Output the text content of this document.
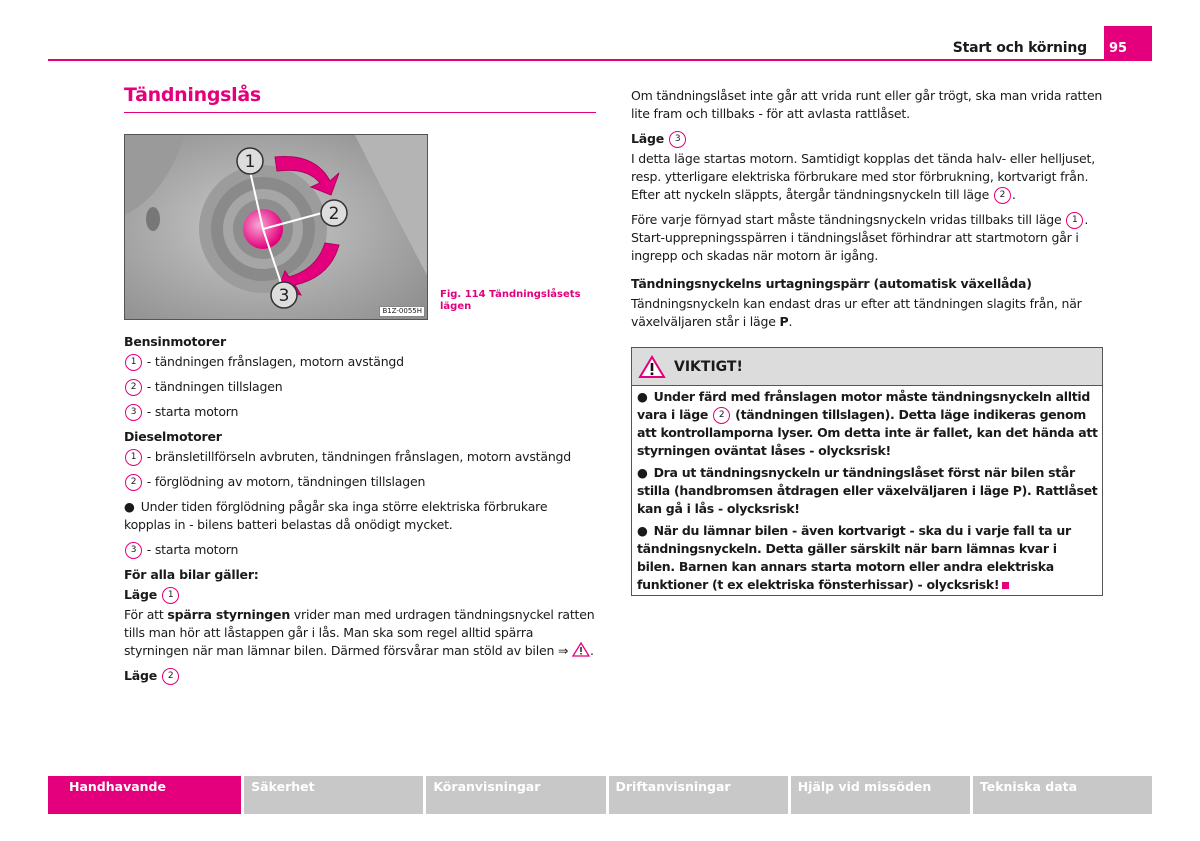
Start och körning	95
Tändningslås
1
2
3
B1Z-0055H
Fig. 114 Tändningslåsets lägen
Bensinmotorer
1
- tändningen frånslagen, motorn avstängd
2
- tändningen tillslagen
3
- starta motorn
Dieselmotorer
1
- bränsletillförseln avbruten, tändningen frånslagen, motorn avstängd
2
- förglödning av motorn, tändningen tillslagen
● Under tiden förglödning pågår ska inga större elektriska förbrukare kopplas in - bilens batteri belastas då onödigt mycket.
3
- starta motorn
För alla bilar gäller:
Läge 1
För att spärra styrningen vrider man med urdragen tändningsnyckel ratten tills man hör att låstappen går i lås. Man ska som regel alltid spärra styrningen när man lämnar bilen. Därmed försvårar man stöld av bilen ⇒ .
Läge 2
Om tändningslåset inte går att vrida runt eller går trögt, ska man vrida ratten lite fram och tillbaks - för att avlasta rattlåset.
Läge 3
I detta läge startas motorn. Samtidigt kopplas det tända halv- eller helljuset, resp. ytterligare elektriska förbrukare med stor förbrukning, kortvarigt från. Efter att nyckeln släppts, återgår tändningsnyckeln till läge 2 .
Före varje förnyad start måste tändningsnyckeln vridas tillbaks till läge 1 . Start-upprepningsspärren i tändningslåset förhindrar att startmotorn går i ingrepp och skadas när motorn är igång.
Tändningsnyckelns urtagningspärr (automatisk växellåda)
Tändningsnyckeln kan endast dras ur efter att tändningen slagits från, när växelväljaren står i läge P.
VIKTIGT!
● Under färd med frånslagen motor måste tändningsnyckeln alltid vara i läge 2 (tändningen tillslagen). Detta läge indikeras genom att kontrollamporna lyser. Om detta inte är fallet, kan det hända att styrningen oväntat låses - olycksrisk!
● Dra ut tändningsnyckeln ur tändningslåset först när bilen står stilla (handbromsen åtdragen eller växelväljaren i läge P). Rattlåset kan gå i lås - olycksrisk!
● När du lämnar bilen - även kortvarigt - ska du i varje fall ta ur tändningsnyckeln. Detta gäller särskilt när barn lämnas kvar i bilen. Barnen kan annars starta motorn eller andra elektriska funktioner (t ex elektriska fönsterhissar) - olycksrisk!
Handhavande	Säkerhet	Köranvisningar	Driftanvisningar	Hjälp vid missöden	Tekniska data
